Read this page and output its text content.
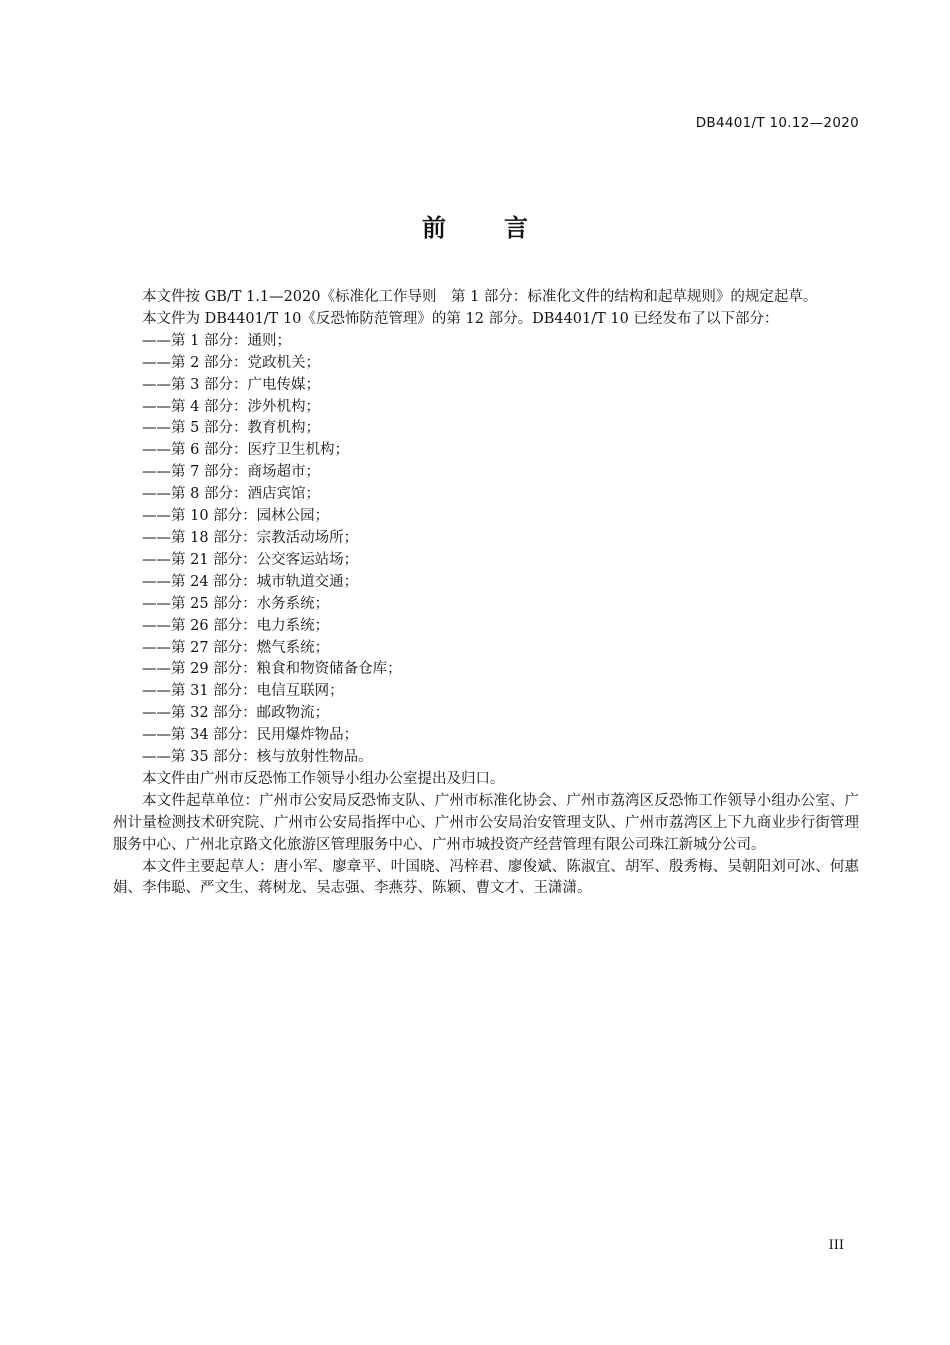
DB4401/T 10.12—2020
前言

本文件按 GB/T 1.1—2020《标准化工作导则　第 1 部分：标准化文件的结构和起草规则》的规定起草。

本文件为 DB4401/T 10《反恐怖防范管理》的第 12 部分。DB4401/T 10 已经发布了以下部分：

——第 1 部分：通则；
——第 2 部分：党政机关；
——第 3 部分：广电传媒；
——第 4 部分：涉外机构；
——第 5 部分：教育机构；
——第 6 部分：医疗卫生机构；
——第 7 部分：商场超市；
——第 8 部分：酒店宾馆；
——第 10 部分：园林公园；
——第 18 部分：宗教活动场所；
——第 21 部分：公交客运站场；
——第 24 部分：城市轨道交通；
——第 25 部分：水务系统；
——第 26 部分：电力系统；
——第 27 部分：燃气系统；
——第 29 部分：粮食和物资储备仓库；
——第 31 部分：电信互联网；
——第 32 部分：邮政物流；
——第 34 部分：民用爆炸物品；
——第 35 部分：核与放射性物品。

本文件由广州市反恐怖工作领导小组办公室提出及归口。

本文件起草单位：广州市公安局反恐怖支队、广州市标准化协会、广州市荔湾区反恐怖工作领导小组办公室、广州计量检测技术研究院、广州市公安局指挥中心、广州市公安局治安管理支队、广州市荔湾区上下九商业步行街管理服务中心、广州北京路文化旅游区管理服务中心、广州市城投资产经营管理有限公司珠江新城分公司。

本文件主要起草人：唐小军、廖章平、叶国晓、冯梓君、廖俊斌、陈淑宜、胡军、殷秀梅、吴朝阳刘可冰、何惠娟、李伟聪、严文生、蒋树龙、吴志强、李燕芬、陈颖、曹文才、王潇潇。

III
